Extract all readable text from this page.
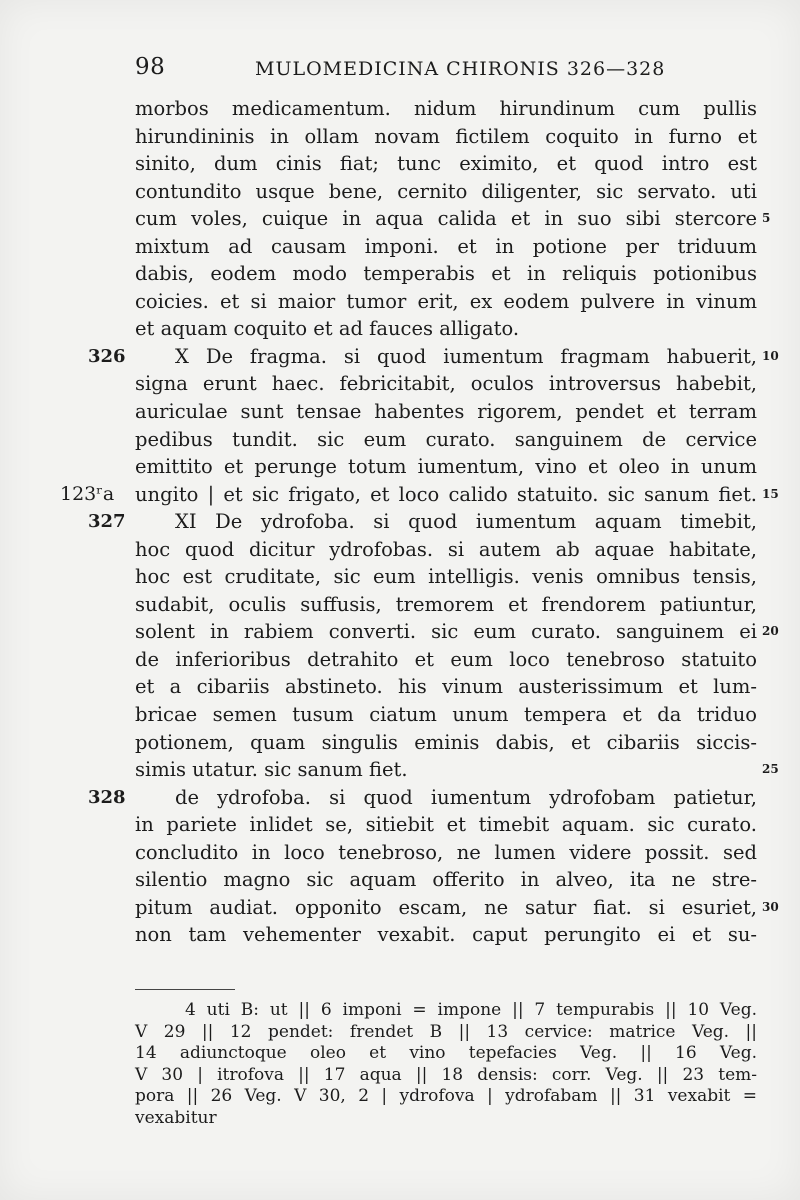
98	MULOMEDICINA CHIRONIS 326—328
morbos medicamentum. nidum hirundinum cum pullis
hirundininis in ollam novam fictilem coquito in furno et
sinito, dum cinis fiat; tunc eximito, et quod intro est
contundito usque bene, cernito diligenter, sic servato. uti
cum voles, cuique in aqua calida et in suo sibi stercore 5
mixtum ad causam imponi. et in potione per triduum
dabis, eodem modo temperabis et in reliquis potionibus
coicies. et si maior tumor erit, ex eodem pulvere in vinum
et aquam coquito et ad fauces alligato.
326	X De fragma. si quod iumentum fragmam habuerit, 10
signa erunt haec. febricitabit, oculos introversus habebit,
auriculae sunt tensae habentes rigorem, pendet et terram
pedibus tundit. sic eum curato. sanguinem de cervice
emittito et perunge totum iumentum, vino et oleo in unum
123ʳa ungito | et sic frigato, et loco calido statuito. sic sanum fiet. 15
327	XI De ydrofoba. si quod iumentum aquam timebit,
hoc quod dicitur ydrofobas. si autem ab aquae habitate,
hoc est cruditate, sic eum intelligis. venis omnibus tensis,
sudabit, oculis suffusis, tremorem et frendorem patiuntur,
solent in rabiem converti. sic eum curato. sanguinem ei 20
de inferioribus detrahito et eum loco tenebroso statuito
et a cibariis abstineto. his vinum austerissimum et lum-
bricae semen tusum ciatum unum tempera et da triduo
potionem, quam singulis eminis dabis, et cibariis siccis-
simis utatur. sic sanum fiet.	25
328	de ydrofoba. si quod iumentum ydrofobam patietur,
in pariete inlidet se, sitiebit et timebit aquam. sic curato.
concludito in loco tenebroso, ne lumen videre possit. sed
silentio magno sic aquam offerito in alveo, ita ne stre-
pitum audiat. opponito escam, ne satur fiat. si esuriet, 30
non tam vehementer vexabit. caput perungito ei et su-
4 uti B: ut || 6 imponi = impone || 7 tempurabis || 10 Veg.
V 29 || 12 pendet: frendet B || 13 cervice: matrice Veg. ||
14 adiunctoque oleo et vino tepefacies Veg. || 16 Veg.
V 30 | itrofova || 17 aqua || 18 densis: corr. Veg. || 23 tem-
pora || 26 Veg. V 30, 2 | ydrofova | ydrofabam || 31 vexabit =
vexabitur
